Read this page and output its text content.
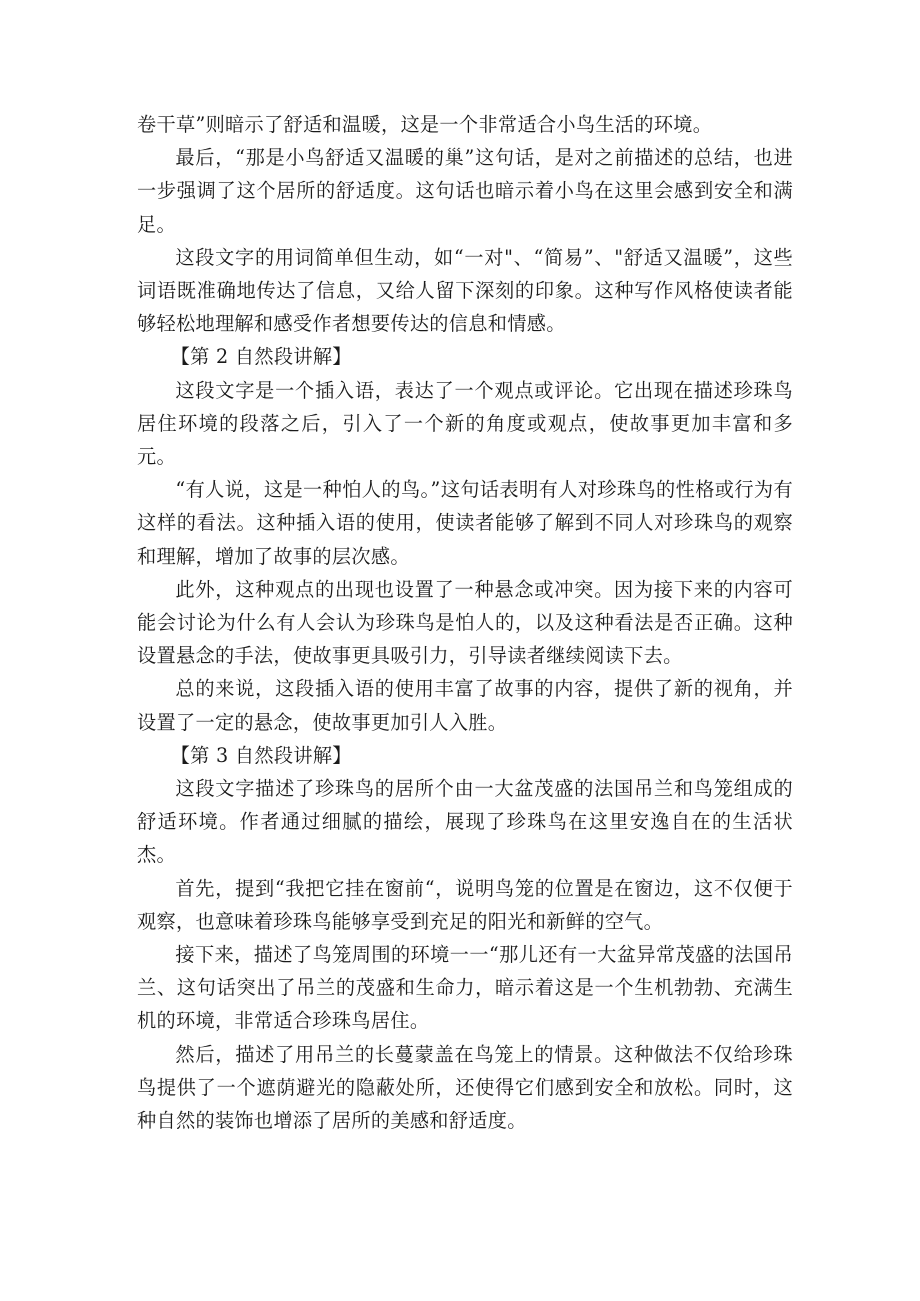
卷干草”则暗示了舒适和温暖，这是一个非常适合小鸟生活的环境。

最后，“那是小鸟舒适又温暖的巢”这句话，是对之前描述的总结，也进一步强调了这个居所的舒适度。这句话也暗示着小鸟在这里会感到安全和满足。

这段文字的用词简单但生动，如“一对"、“简易”、"舒适又温暖”，这些词语既准确地传达了信息，又给人留下深刻的印象。这种写作风格使读者能够轻松地理解和感受作者想要传达的信息和情感。

【第 2 自然段讲解】

这段文字是一个插入语，表达了一个观点或评论。它出现在描述珍珠鸟居住环境的段落之后，引入了一个新的角度或观点，使故事更加丰富和多元。

“有人说，这是一种怕人的鸟。”这句话表明有人对珍珠鸟的性格或行为有这样的看法。这种插入语的使用，使读者能够了解到不同人对珍珠鸟的观察和理解，增加了故事的层次感。

此外，这种观点的出现也设置了一种悬念或冲突。因为接下来的内容可能会讨论为什么有人会认为珍珠鸟是怕人的，以及这种看法是否正确。这种设置悬念的手法，使故事更具吸引力，引导读者继续阅读下去。

总的来说，这段插入语的使用丰富了故事的内容，提供了新的视角，并设置了一定的悬念，使故事更加引人入胜。

【第 3 自然段讲解】

这段文字描述了珍珠鸟的居所个由一大盆茂盛的法国吊兰和鸟笼组成的舒适环境。作者通过细腻的描绘，展现了珍珠鸟在这里安逸自在的生活状杰。

首先，提到“我把它挂在窗前“，说明鸟笼的位置是在窗边，这不仅便于观察，也意味着珍珠鸟能够享受到充足的阳光和新鲜的空气。

接下来，描述了鸟笼周围的环境一一“那儿还有一大盆异常茂盛的法国吊兰、这句话突出了吊兰的茂盛和生命力，暗示着这是一个生机勃勃、充满生机的环境，非常适合珍珠鸟居住。

然后，描述了用吊兰的长蔓蒙盖在鸟笼上的情景。这种做法不仅给珍珠鸟提供了一个遮荫避光的隐蔽处所，还使得它们感到安全和放松。同时，这种自然的装饰也增添了居所的美感和舒适度。
